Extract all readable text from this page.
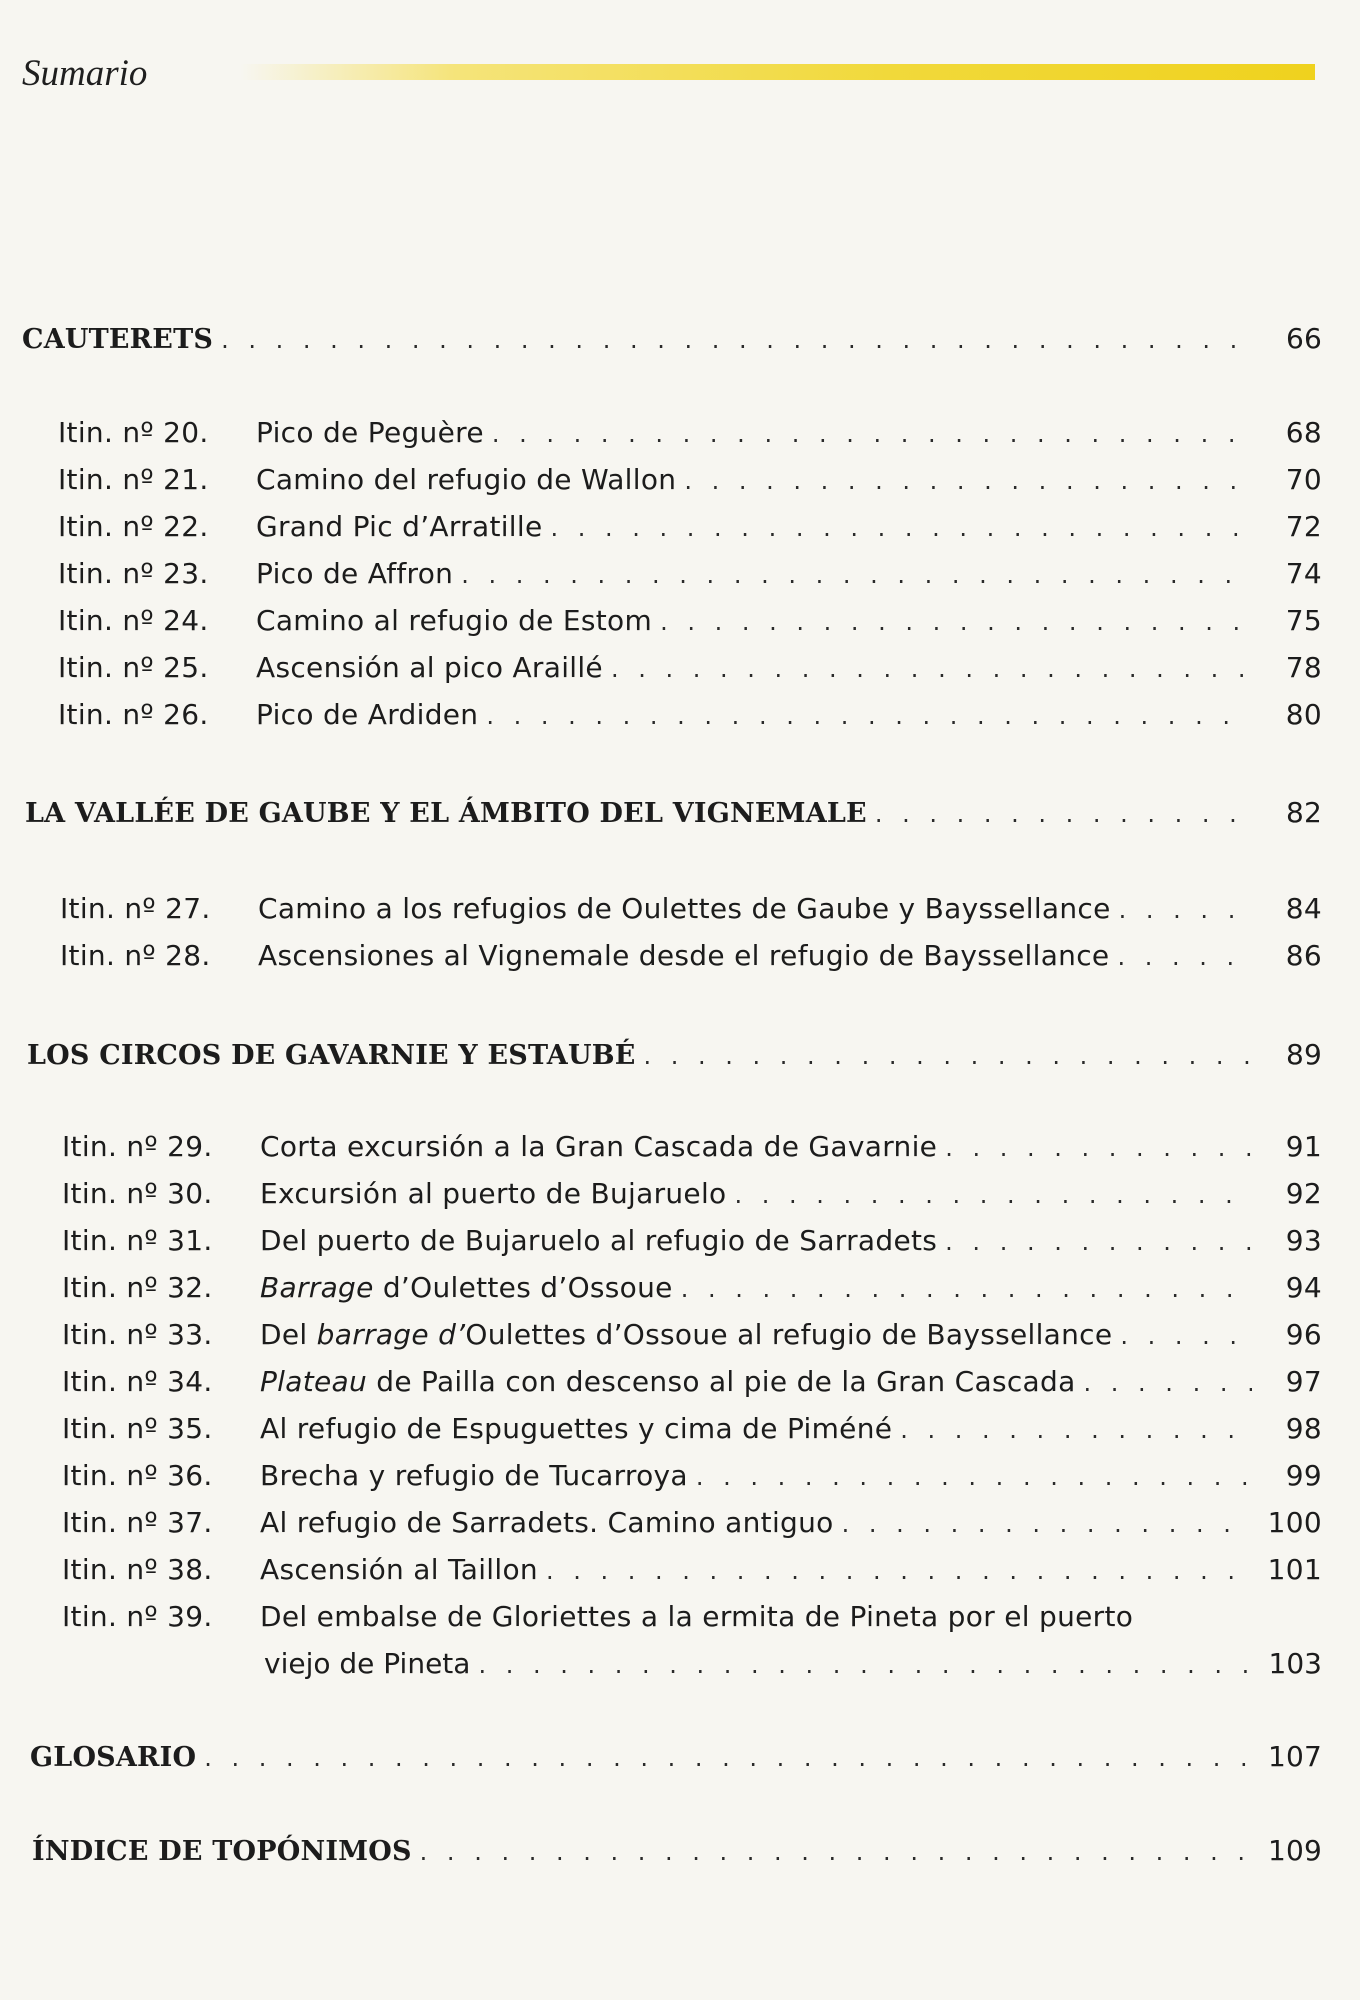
Sumario
CAUTERETS . . .	66
Itin. nº 20.	Pico de Peguère . . .	68
Itin. nº 21.	Camino del refugio de Wallon . . .	70
Itin. nº 22.	Grand Pic d’Arratille . . .	72
Itin. nº 23.	Pico de Affron . . .	74
Itin. nº 24.	Camino al refugio de Estom . . .	75
Itin. nº 25.	Ascensión al pico Araillé . . .	78
Itin. nº 26.	Pico de Ardiden . . .	80
LA VALLÉE DE GAUBE Y EL ÁMBITO DEL VIGNEMALE . . .	82
Itin. nº 27.	Camino a los refugios de Oulettes de Gaube y Bayssellance . . .	84
Itin. nº 28.	Ascensiones al Vignemale desde el refugio de Bayssellance . . .	86
LOS CIRCOS DE GAVARNIE Y ESTAUBÉ . . .	89
Itin. nº 29.	Corta excursión a la Gran Cascada de Gavarnie . . .	91
Itin. nº 30.	Excursión al puerto de Bujaruelo . . .	92
Itin. nº 31.	Del puerto de Bujaruelo al refugio de Sarradets . . .	93
Itin. nº 32.	Barrage d’Oulettes d’Ossoue . . .	94
Itin. nº 33.	Del barrage d’Oulettes d’Ossoue al refugio de Bayssellance . . .	96
Itin. nº 34.	Plateau de Pailla con descenso al pie de la Gran Cascada . . .	97
Itin. nº 35.	Al refugio de Espuguettes y cima de Piméné . . .	98
Itin. nº 36.	Brecha y refugio de Tucarroya . . .	99
Itin. nº 37.	Al refugio de Sarradets. Camino antiguo . . .	100
Itin. nº 38.	Ascensión al Taillon . . .	101
Itin. nº 39.	Del embalse de Gloriettes a la ermita de Pineta por el puerto
viejo de Pineta . . .	103
GLOSARIO . . .	107
ÍNDICE DE TOPÓNIMOS . . .	109
